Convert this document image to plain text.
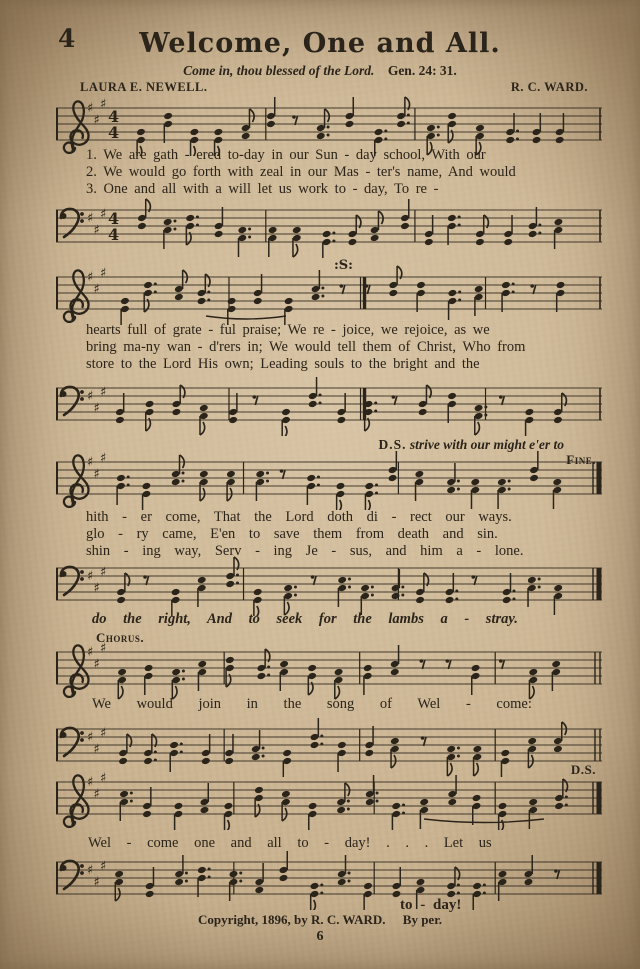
4	Welcome, One and All.
Come in, thou blessed of the Lord. Gen. 24: 31.
LAURA E. NEWELL.	R. C. WARD.
♯
♯
♯
4
4
1. We are gath - ered to-day in our Sun - day school, With our
2. We would go forth with zeal in our Mas - ter's name, And would
3. One and all with a will let us work to - day, To re -
♯
♯
♯ 4
4
:S:
♯
♯
♯
hearts full of grate - ful praise; We re - joice, we rejoice, as we
bring ma-ny wan - d'rers in; We would tell them of Christ, Who from
store to the Lord His own; Leading souls to the bright and the
♯
♯
♯
D.S. strive with our might e'er to
Fine.
♯
♯
♯
hith - er come, That the Lord doth di - rect our ways.
glo - ry came, E'en to save them from death and sin.
shin - ing way, Serv - ing Je - sus, and him a - lone.
♯
♯
♯
do the right, And to seek for the lambs a - stray.
Chorus.
♯
♯
♯
We would join in the song of Wel - come:
♯
♯
♯
D.S.
♯
♯
♯
Wel - come one and all to - day! . . . Let us
♯
♯
♯
to - day!
Copyright, 1896, by R. C. WARD. By per.
6
